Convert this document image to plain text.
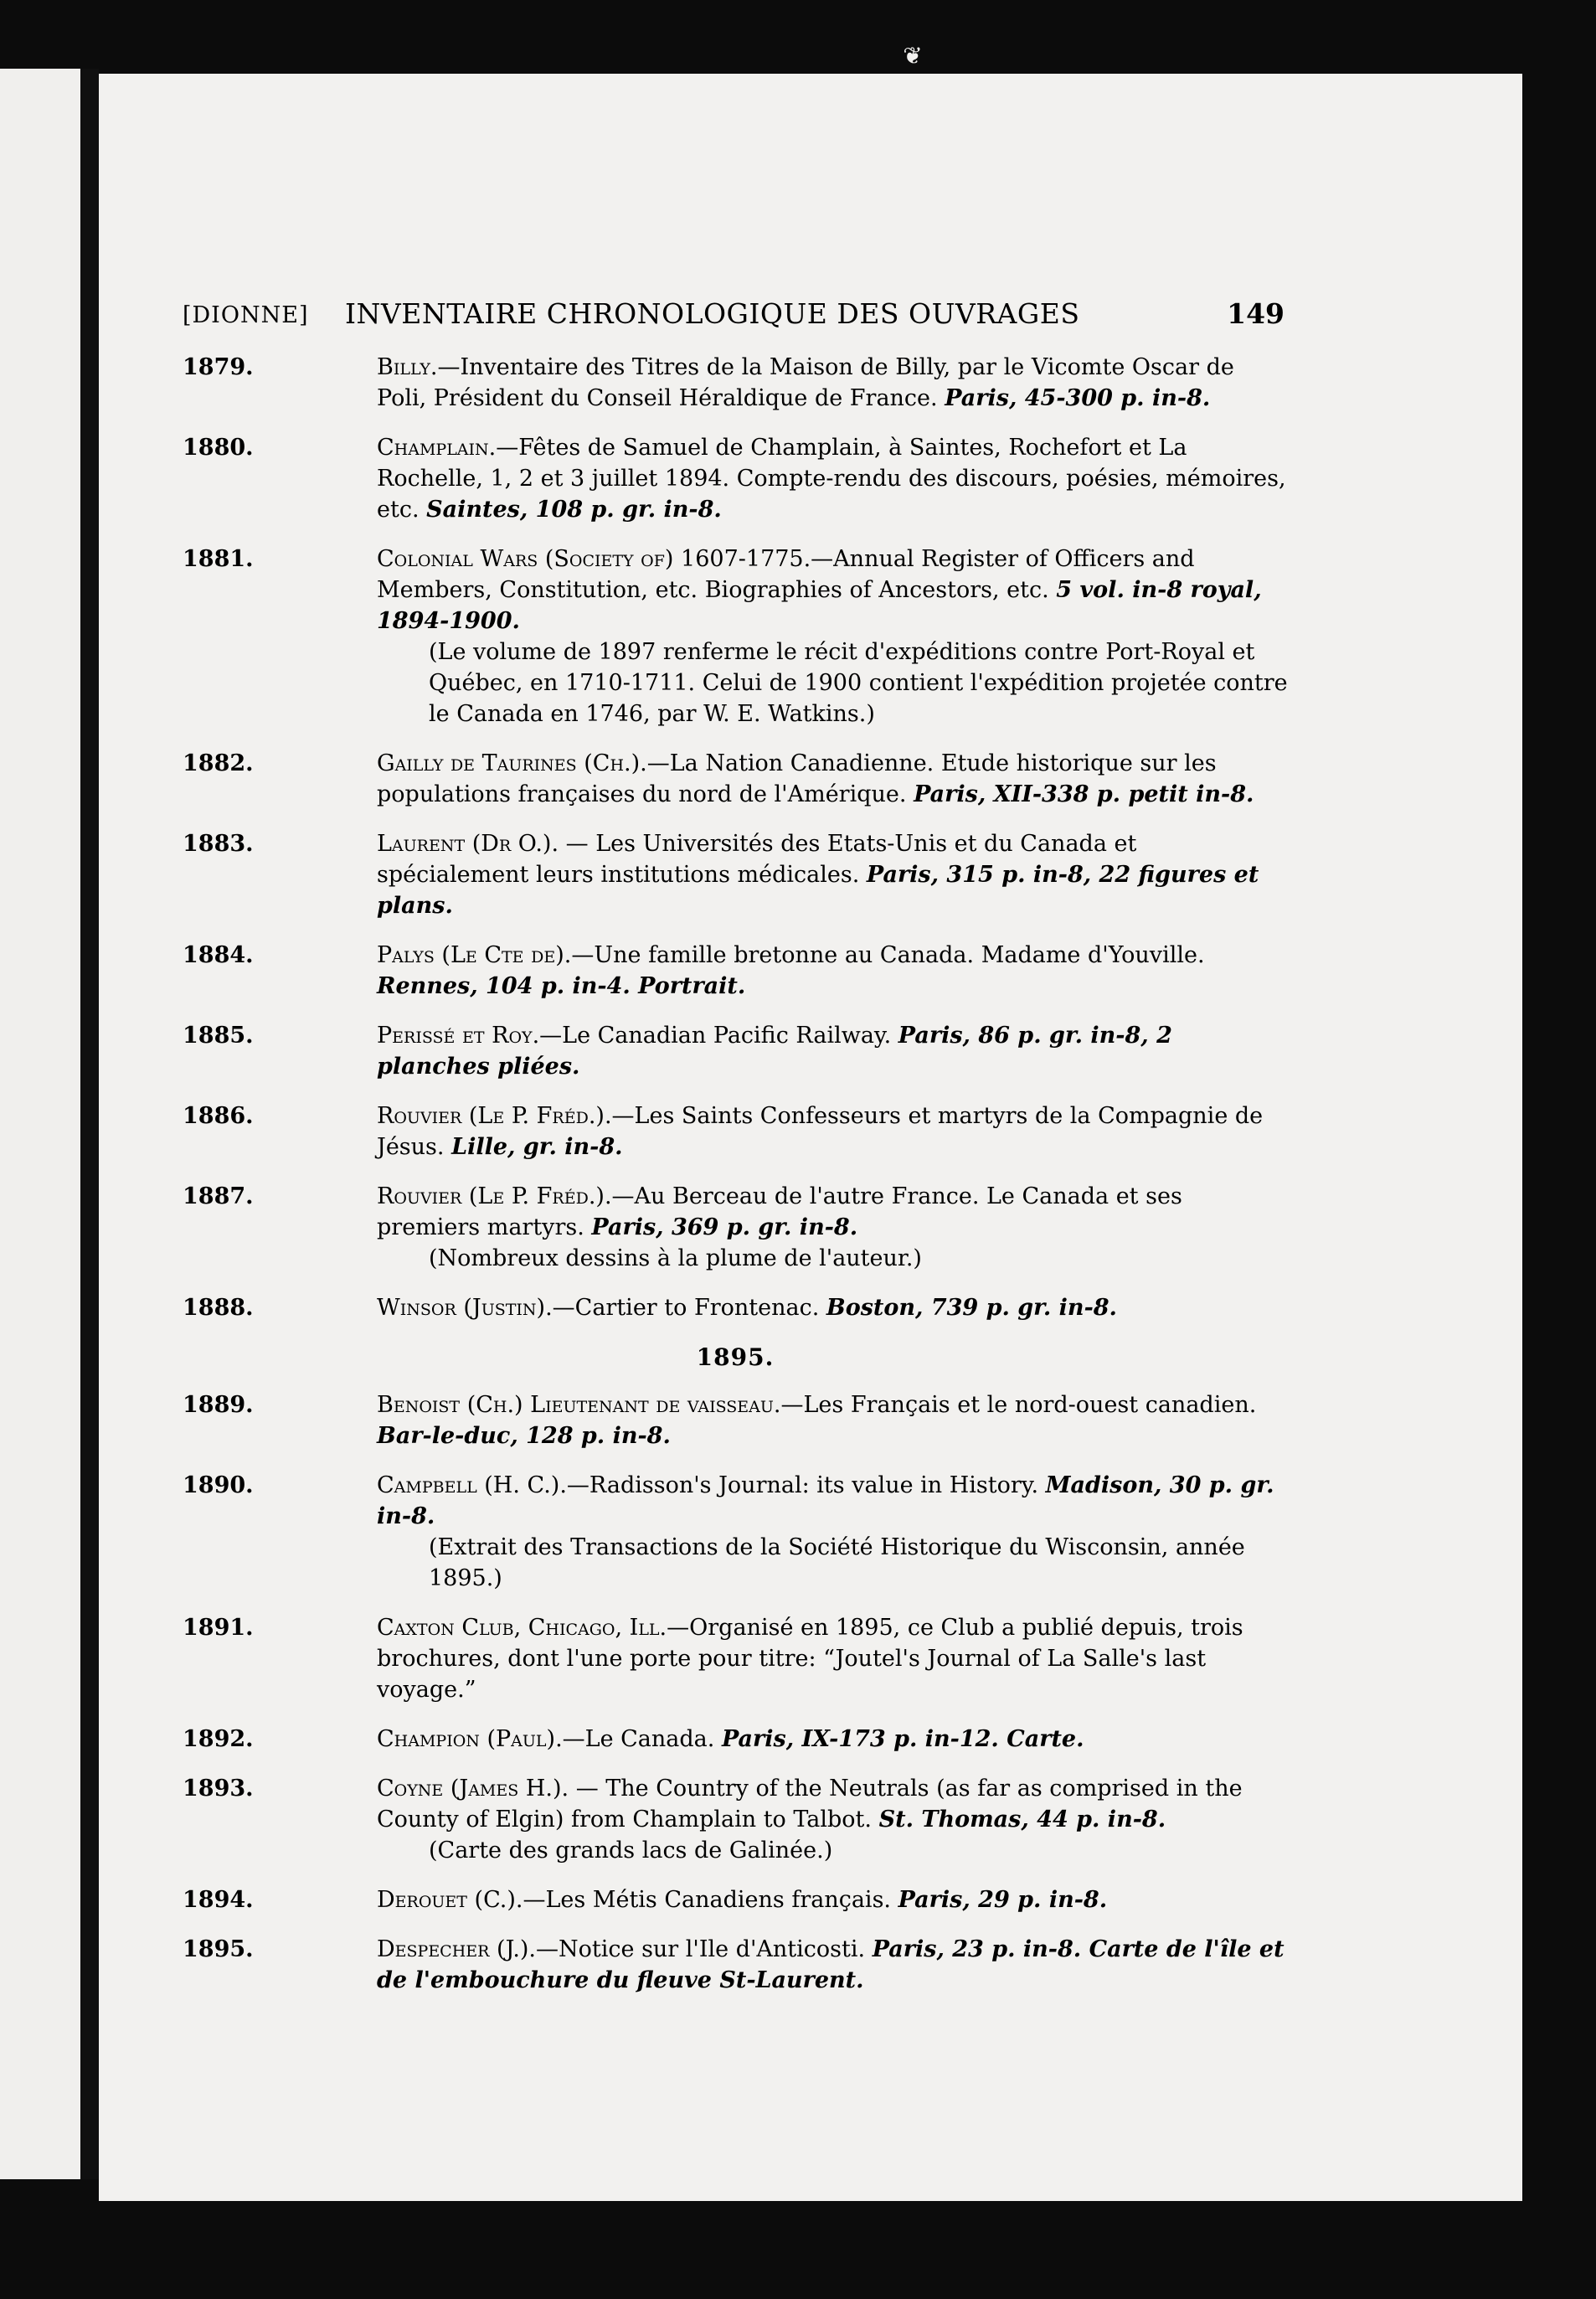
❦
[DIONNE] INVENTAIRE CHRONOLOGIQUE DES OUVRAGES	149
1879.	Billy.—Inventaire des Titres de la Maison de Billy, par le Vicomte Oscar de Poli, Président du Conseil Héraldique de France. Paris, 45-300 p. in-8.
1880.	Champlain.—Fêtes de Samuel de Champlain, à Saintes, Rochefort et La Rochelle, 1, 2 et 3 juillet 1894. Compte-rendu des discours, poésies, mémoires, etc. Saintes, 108 p. gr. in-8.
1881.	Colonial Wars (Society of) 1607-1775.—Annual Register of Officers and Members, Constitution, etc. Biographies of Ancestors, etc. 5 vol. in-8 royal, 1894-1900.
(Le volume de 1897 renferme le récit d'expéditions contre Port-Royal et Québec, en 1710-1711. Celui de 1900 contient l'expédition projetée contre le Canada en 1746, par W. E. Watkins.)
1882.	Gailly de Taurines (Ch.).—La Nation Canadienne. Etude historique sur les populations françaises du nord de l'Amérique. Paris, XII-338 p. petit in-8.
1883.	Laurent (Dr O.). — Les Universités des Etats-Unis et du Canada et spécialement leurs institutions médicales. Paris, 315 p. in-8, 22 figures et plans.
1884.	Palys (Le Cte de).—Une famille bretonne au Canada. Madame d'Youville. Rennes, 104 p. in-4. Portrait.
1885.	Perissé et Roy.—Le Canadian Pacific Railway. Paris, 86 p. gr. in-8, 2 planches pliées.
1886.	Rouvier (Le P. Fréd.).—Les Saints Confesseurs et martyrs de la Compagnie de Jésus. Lille, gr. in-8.
1887.	Rouvier (Le P. Fréd.).—Au Berceau de l'autre France. Le Canada et ses premiers martyrs. Paris, 369 p. gr. in-8.
(Nombreux dessins à la plume de l'auteur.)
1888.	Winsor (Justin).—Cartier to Frontenac. Boston, 739 p. gr. in-8.
1895.
1889.	Benoist (Ch.) Lieutenant de vaisseau.—Les Français et le nord-ouest canadien. Bar-le-duc, 128 p. in-8.
1890.	Campbell (H. C.).—Radisson's Journal: its value in History. Madison, 30 p. gr. in-8.
(Extrait des Transactions de la Société Historique du Wisconsin, année 1895.)
1891.	Caxton Club, Chicago, Ill.—Organisé en 1895, ce Club a publié depuis, trois brochures, dont l'une porte pour titre: “Joutel's Journal of La Salle's last voyage.”
1892.	Champion (Paul).—Le Canada. Paris, IX-173 p. in-12. Carte.
1893.	Coyne (James H.). — The Country of the Neutrals (as far as comprised in the County of Elgin) from Champlain to Talbot. St. Thomas, 44 p. in-8.
(Carte des grands lacs de Galinée.)
1894.	Derouet (C.).—Les Métis Canadiens français. Paris, 29 p. in-8.
1895.	Despecher (J.).—Notice sur l'Ile d'Anticosti. Paris, 23 p. in-8. Carte de l'île et de l'embouchure du fleuve St-Laurent.
